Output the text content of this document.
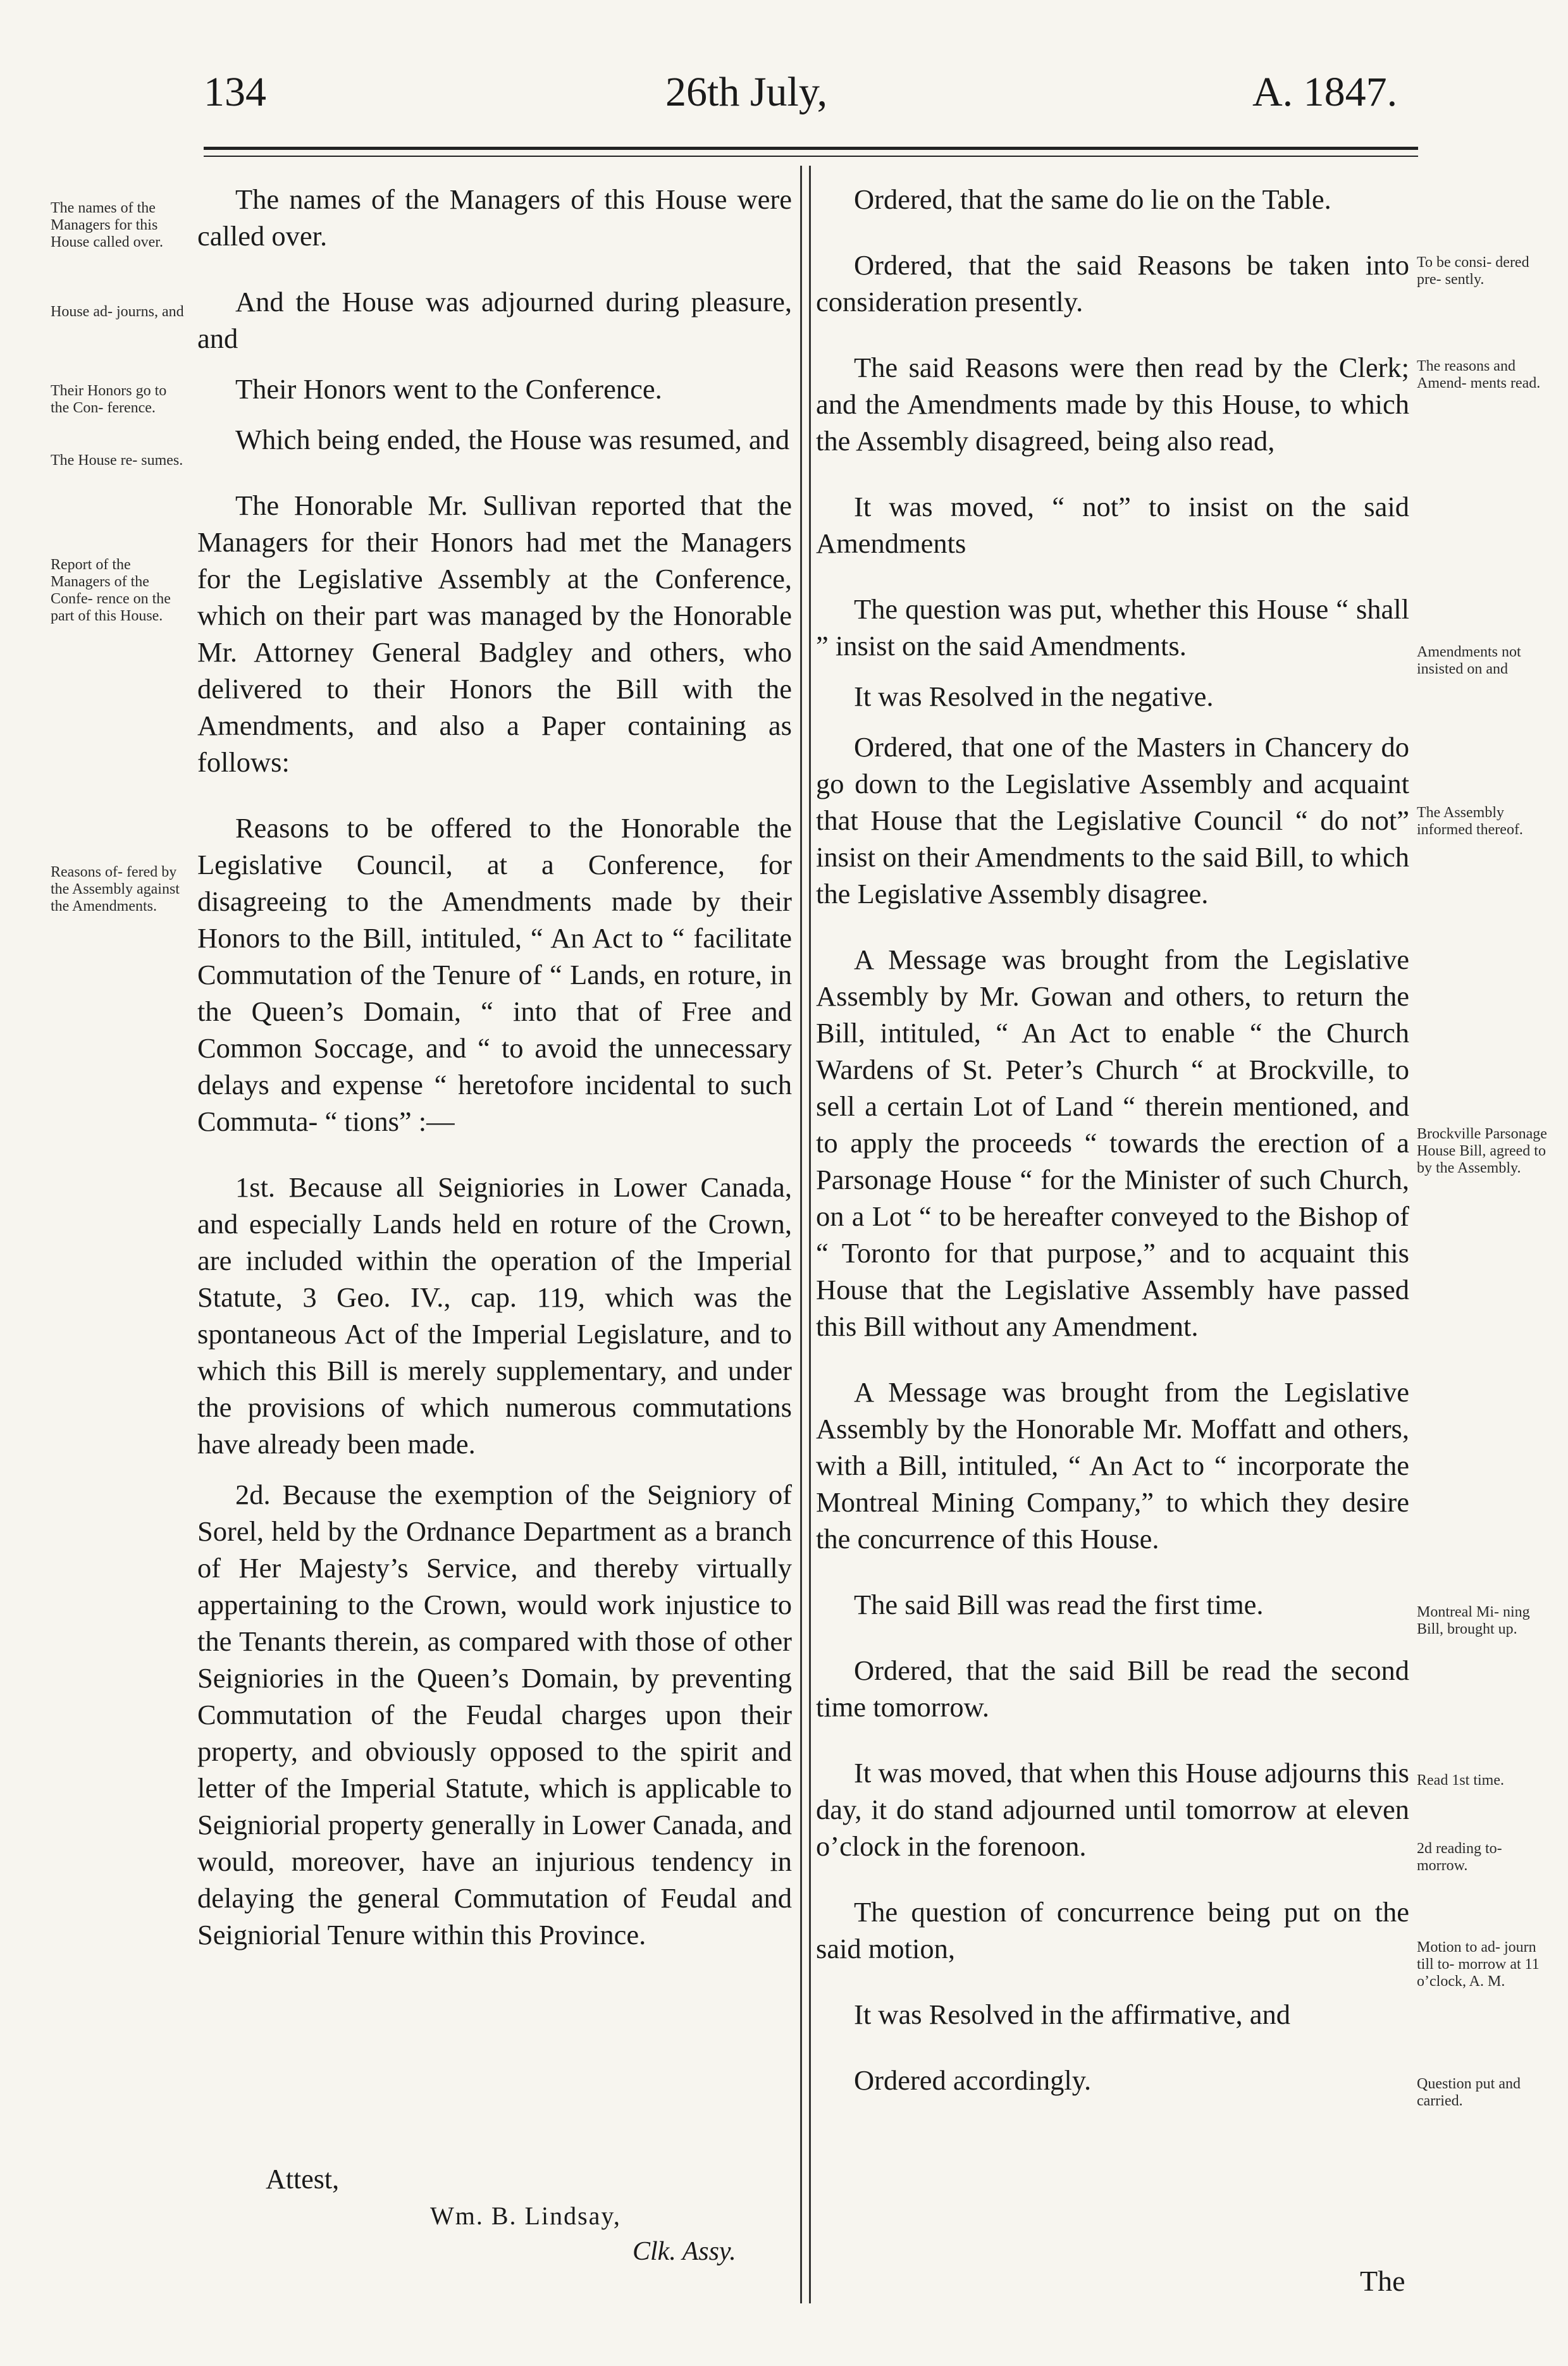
134	26th July,	A. 1847.

The names of the Managers for this House called over.

House ad- journs, and

Their Honors go to the Con- ference.

The House re- sumes.

Report of the Managers of the Confe- rence on the part of this House.

Reasons of- fered by the Assembly against the Amendments.

To be consi- dered pre- sently.

The reasons and Amend- ments read.

Amendments not insisted on and

The Assembly informed thereof.

Brockville Parsonage House Bill, agreed to by the Assembly.

Montreal Mi- ning Bill, brought up.

Read 1st time.

2d reading to- morrow.

Motion to ad- journ till to- morrow at 11 o’clock, A. M.

Question put and carried.

The names of the Managers of this House were called over.

And the House was adjourned during pleasure, and

Their Honors went to the Conference.

Which being ended, the House was resumed, and

The Honorable Mr. Sullivan reported that the Managers for their Honors had met the Managers for the Legislative Assembly at the Conference, which on their part was managed by the Honorable Mr. Attorney General Badgley and others, who delivered to their Honors the Bill with the Amendments, and also a Paper containing as follows:

Reasons to be offered to the Honorable the Legislative Council, at a Conference, for disagreeing to the Amendments made by their Honors to the Bill, intituled, “ An Act to “ facilitate Commutation of the Tenure of “ Lands, en roture, in the Queen’s Domain, “ into that of Free and Common Soccage, and “ to avoid the unnecessary delays and expense “ heretofore incidental to such Commuta- “ tions” :—

1st. Because all Seigniories in Lower Canada, and especially Lands held en roture of the Crown, are included within the operation of the Imperial Statute, 3 Geo. IV., cap. 119, which was the spontaneous Act of the Imperial Legislature, and to which this Bill is merely supplementary, and under the provisions of which numerous commutations have already been made.

2d. Because the exemption of the Seigniory of Sorel, held by the Ordnance Department as a branch of Her Majesty’s Service, and thereby virtually appertaining to the Crown, would work injustice to the Tenants therein, as compared with those of other Seigniories in the Queen’s Domain, by preventing Commutation of the Feudal charges upon their property, and obviously opposed to the spirit and letter of the Imperial Statute, which is applicable to Seigniorial property generally in Lower Canada, and would, moreover, have an injurious tendency in delaying the general Commutation of Feudal and Seigniorial Tenure within this Province.

Attest,
Wm. B. Lindsay,
Clk. Assy.

Ordered, that the same do lie on the Table.

Ordered, that the said Reasons be taken into consideration presently.

The said Reasons were then read by the Clerk; and the Amendments made by this House, to which the Assembly disagreed, being also read,

It was moved, “ not” to insist on the said Amendments

The question was put, whether this House “ shall ” insist on the said Amendments.

It was Resolved in the negative.

Ordered, that one of the Masters in Chancery do go down to the Legislative Assembly and acquaint that House that the Legislative Council “ do not” insist on their Amendments to the said Bill, to which the Legislative Assembly disagree.

A Message was brought from the Legislative Assembly by Mr. Gowan and others, to return the Bill, intituled, “ An Act to enable “ the Church Wardens of St. Peter’s Church “ at Brockville, to sell a certain Lot of Land “ therein mentioned, and to apply the proceeds “ towards the erection of a Parsonage House “ for the Minister of such Church, on a Lot “ to be hereafter conveyed to the Bishop of “ Toronto for that purpose,” and to acquaint this House that the Legislative Assembly have passed this Bill without any Amendment.

A Message was brought from the Legislative Assembly by the Honorable Mr. Moffatt and others, with a Bill, intituled, “ An Act to “ incorporate the Montreal Mining Company,” to which they desire the concurrence of this House.

The said Bill was read the first time.

Ordered, that the said Bill be read the second time tomorrow.

It was moved, that when this House adjourns this day, it do stand adjourned until tomorrow at eleven o’clock in the forenoon.

The question of concurrence being put on the said motion,

It was Resolved in the affirmative, and

Ordered accordingly.

The
